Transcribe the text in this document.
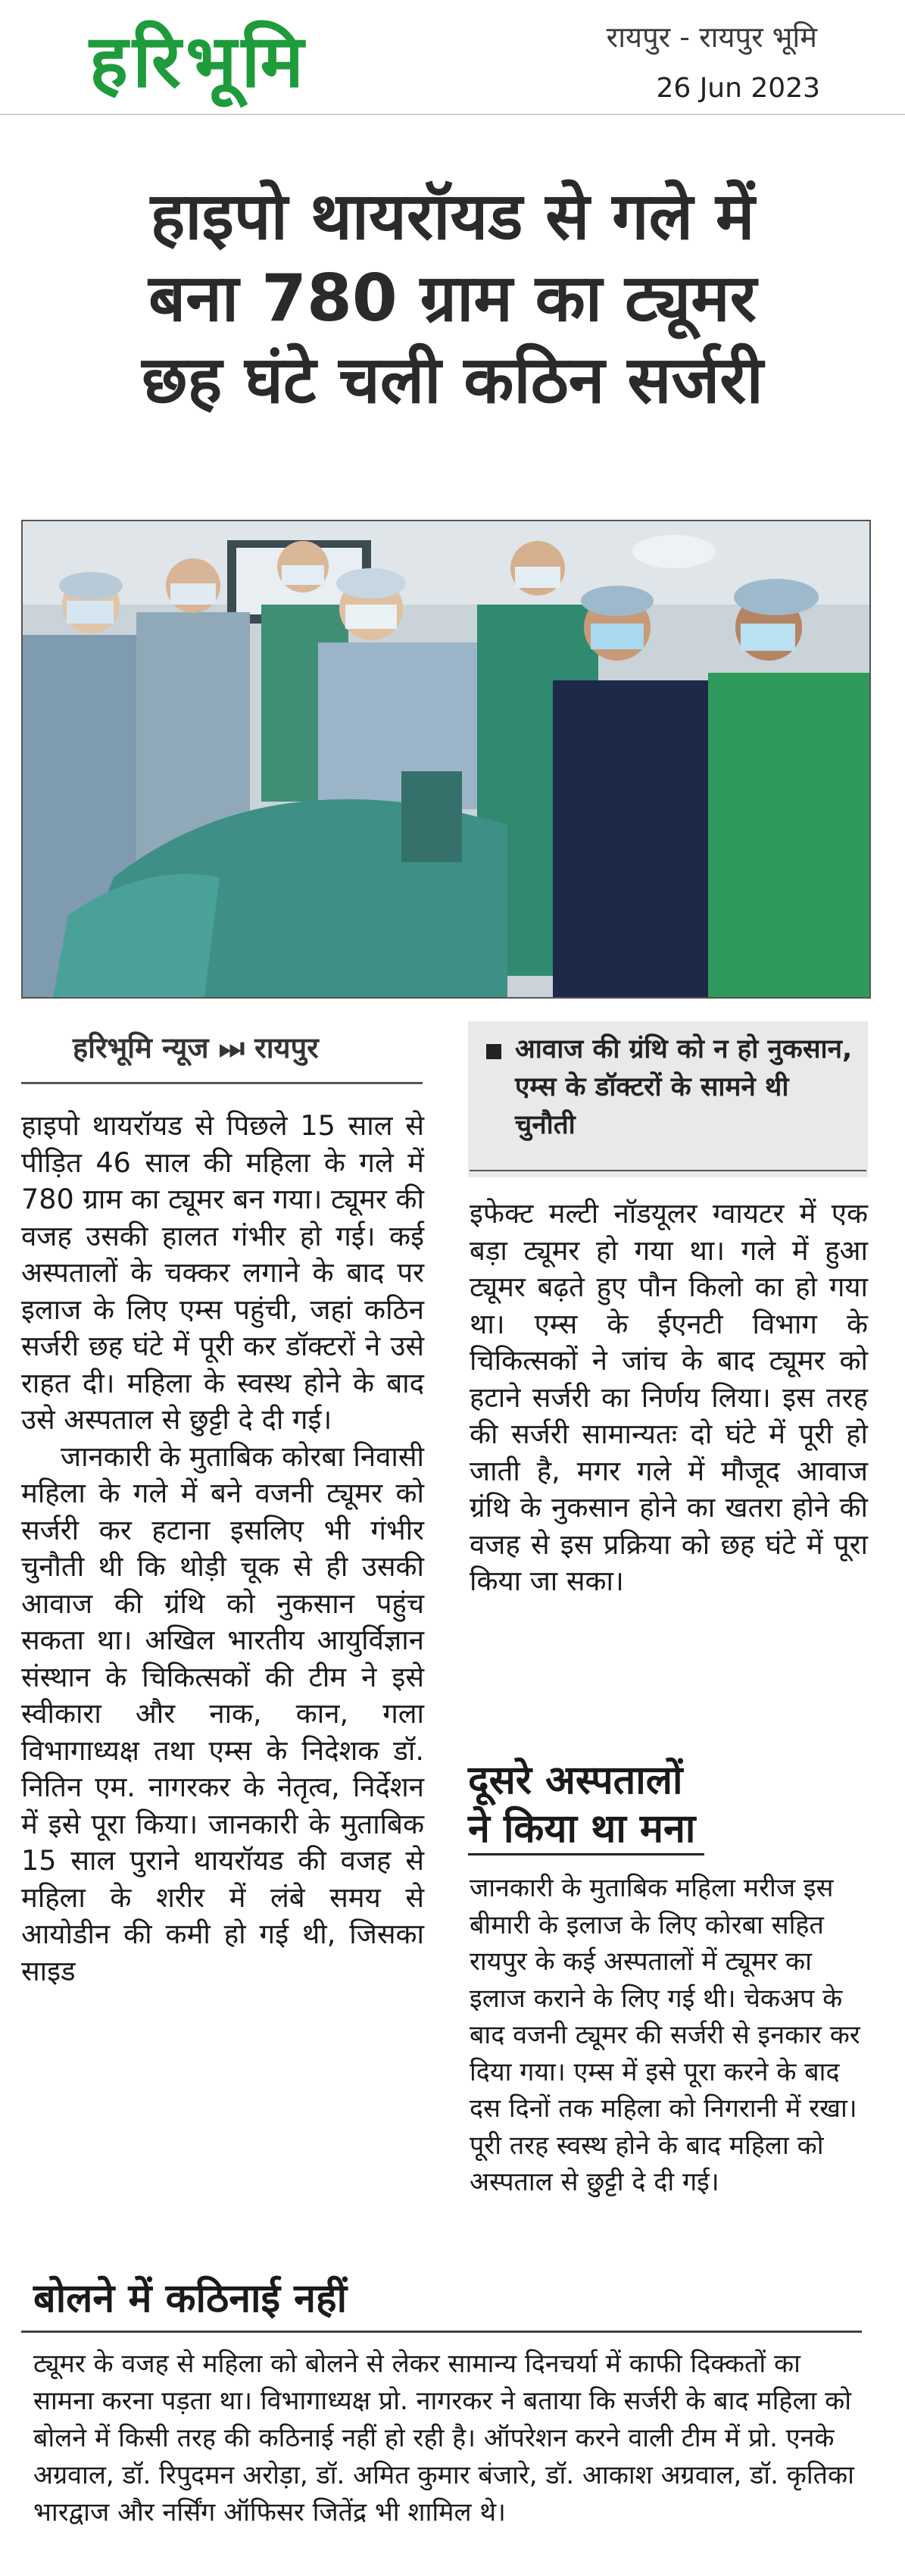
हरिभूमि	रायपुर - रायपुर भूमि
26 Jun 2023
हाइपो थायरॉयड से गले में
बना 780 ग्राम का ट्यूमर
छह घंटे चली कठिन सर्जरी
हरिभूमि न्यूज ⏭ रायपुर	आवाज की ग्रंथि को न हो नुकसान, एम्स के डॉक्टरों के सामने थी चुनौती

हाइपो थायरॉयड से पिछले 15 साल से पीड़ित 46 साल की महिला के गले में 780 ग्राम का ट्यूमर बन गया। ट्यूमर की वजह उसकी हालत गंभीर हो गई। कई अस्पतालों के चक्कर लगाने के बाद पर इलाज के लिए एम्स पहुंची, जहां कठिन सर्जरी छह घंटे में पूरी कर डॉक्टरों ने उसे राहत दी। महिला के स्वस्थ होने के बाद उसे अस्पताल से छुट्टी दे दी गई।

जानकारी के मुताबिक कोरबा निवासी महिला के गले में बने वजनी ट्यूमर को सर्जरी कर हटाना इसलिए भी गंभीर चुनौती थी कि थोड़ी चूक से ही उसकी आवाज की ग्रंथि को नुकसान पहुंच सकता था। अखिल भारतीय आयुर्विज्ञान संस्थान के चिकित्सकों की टीम ने इसे स्वीकारा और नाक, कान, गला विभागाध्यक्ष तथा एम्स के निदेशक डॉ. नितिन एम. नागरकर के नेतृत्व, निर्देशन में इसे पूरा किया। जानकारी के मुताबिक 15 साल पुराने थायरॉयड की वजह से महिला के शरीर में लंबे समय से आयोडीन की कमी हो गई थी, जिसका साइड

इफेक्ट मल्टी नॉडयूलर ग्वायटर में एक बड़ा ट्यूमर हो गया था। गले में हुआ ट्यूमर बढ़ते हुए पौन किलो का हो गया था। एम्स के ईएनटी विभाग के चिकित्सकों ने जांच के बाद ट्यूमर को हटाने सर्जरी का निर्णय लिया। इस तरह की सर्जरी सामान्यतः दो घंटे में पूरी हो जाती है, मगर गले में मौजूद आवाज ग्रंथि के नुकसान होने का खतरा होने की वजह से इस प्रक्रिया को छह घंटे में पूरा किया जा सका।

दूसरे अस्पतालों
ने किया था मना

जानकारी के मुताबिक महिला मरीज इस बीमारी के इलाज के लिए कोरबा सहित रायपुर के कई अस्पतालों में ट्यूमर का इलाज कराने के लिए गई थी। चेकअप के बाद वजनी ट्यूमर की सर्जरी से इनकार कर दिया गया। एम्स में इसे पूरा करने के बाद दस दिनों तक महिला को निगरानी में रखा। पूरी तरह स्वस्थ होने के बाद महिला को अस्पताल से छुट्टी दे दी गई।

बोलने में कठिनाई नहीं

ट्यूमर के वजह से महिला को बोलने से लेकर सामान्य दिनचर्या में काफी दिक्कतों का सामना करना पड़ता था। विभागाध्यक्ष प्रो. नागरकर ने बताया कि सर्जरी के बाद महिला को बोलने में किसी तरह की कठिनाई नहीं हो रही है। ऑपरेशन करने वाली टीम में प्रो. एनके अग्रवाल, डॉ. रिपुदमन अरोड़ा, डॉ. अमित कुमार बंजारे, डॉ. आकाश अग्रवाल, डॉ. कृतिका भारद्वाज और नर्सिंग ऑफिसर जितेंद्र भी शामिल थे।
